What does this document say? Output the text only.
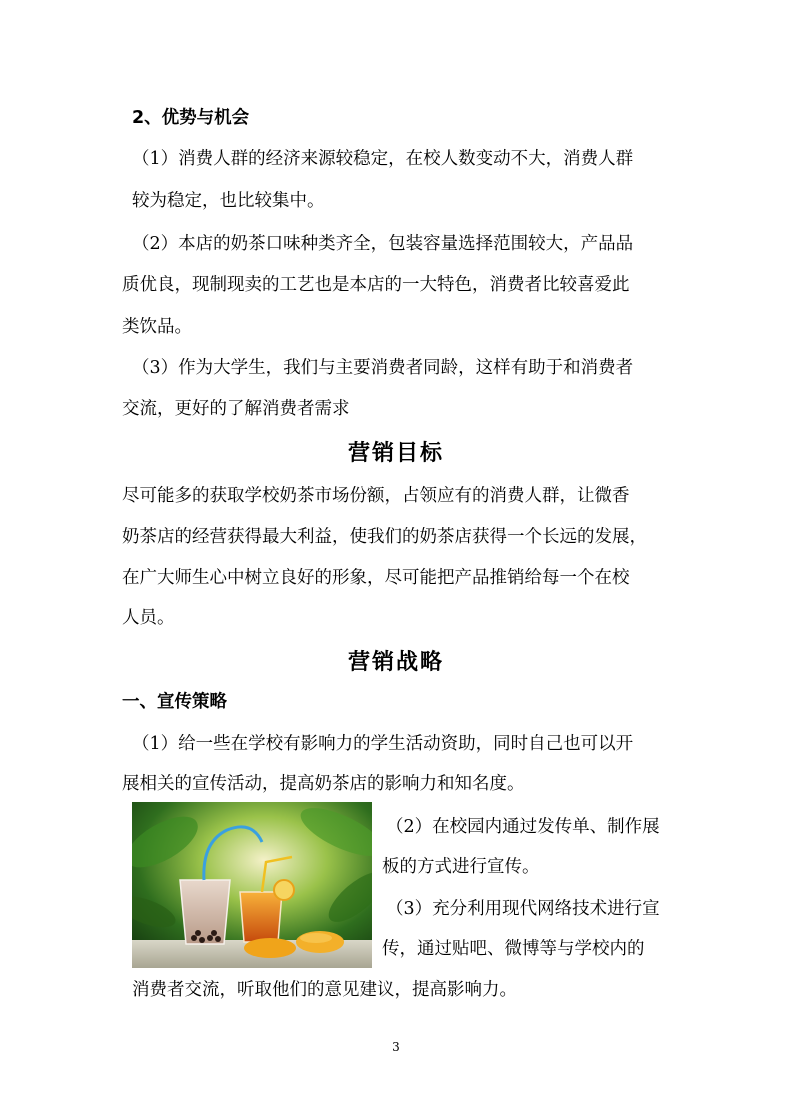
2、优势与机会
（1）消费人群的经济来源较稳定，在校人数变动不大，消费人群
较为稳定，也比较集中。
（2）本店的奶茶口味种类齐全，包装容量选择范围较大，产品品
质优良，现制现卖的工艺也是本店的一大特色，消费者比较喜爱此
类饮品。
（3）作为大学生，我们与主要消费者同龄，这样有助于和消费者
交流，更好的了解消费者需求
营销目标
尽可能多的获取学校奶茶市场份额，占领应有的消费人群，让微香
奶茶店的经营获得最大利益，使我们的奶茶店获得一个长远的发展，
在广大师生心中树立良好的形象，尽可能把产品推销给每一个在校
人员。
营销战略
一、宣传策略
（1）给一些在学校有影响力的学生活动资助，同时自己也可以开
展相关的宣传活动，提高奶茶店的影响力和知名度。
（2）在校园内通过发传单、制作展
板的方式进行宣传。
（3）充分利用现代网络技术进行宣
传，通过贴吧、微博等与学校内的
消费者交流，听取他们的意见建议，提高影响力。
3
